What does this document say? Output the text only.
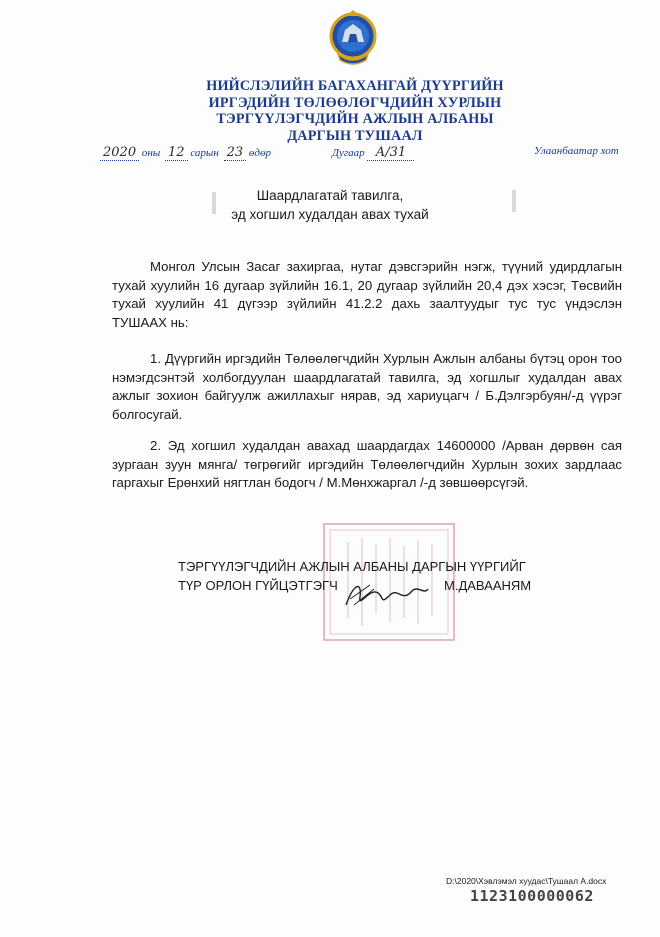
НИЙСЛЭЛИЙН БАГАХАНГАЙ ДҮҮРГИЙН
ИРГЭДИЙН ТӨЛӨӨЛӨГЧДИЙН ХУРЛЫН
ТЭРГҮҮЛЭГЧДИЙН АЖЛЫН АЛБАНЫ
ДАРГЫН ТУШААЛ
2020 оны 12 сарын 23 өдөр	Дугаар А/31	Улаанбаатар хот
Шаардлагатай тавилга,
эд хогшил худалдан авах тухай
Монгол Улсын Засаг захиргаа, нутаг дэвсгэрийн нэгж, түүний удирдлагын тухай хуулийн 16 дугаар зүйлийн 16.1, 20 дугаар зүйлийн 20,4 дэх хэсэг, Төсвийн тухай хуулийн 41 дүгээр зүйлийн 41.2.2 дахь заалтуудыг тус тус үндэслэн ТУШААХ нь:
1. Дүүргийн иргэдийн Төлөөлөгчдийн Хурлын Ажлын албаны бүтэц орон тоо нэмэгдсэнтэй холбогдуулан шаардлагатай тавилга, эд хогшлыг худалдан авах ажлыг зохион байгуулж ажиллахыг нярав, эд хариуцагч / Б.Дэлгэрбуян/-д үүрэг болгосугай.
2. Эд хогшил худалдан авахад шаардагдах 14600000 /Арван дөрвөн сая зургаан зуун мянга/ төгрөгийг иргэдийн Төлөөлөгчдийн Хурлын зохих зардлаас гаргахыг Ерөнхий нягтлан бодогч / М.Мөнхжаргал /-д зөвшөөрсүгэй.
ТЭРГҮҮЛЭГЧДИЙН АЖЛЫН АЛБАНЫ ДАРГЫН ҮҮРГИЙГ
ТҮР ОРЛОН ГҮЙЦЭТГЭГЧ	М.ДАВААНЯМ
D:\2020\Хэвлэмэл хуудас\Тушаал А.docx
1123100000062
